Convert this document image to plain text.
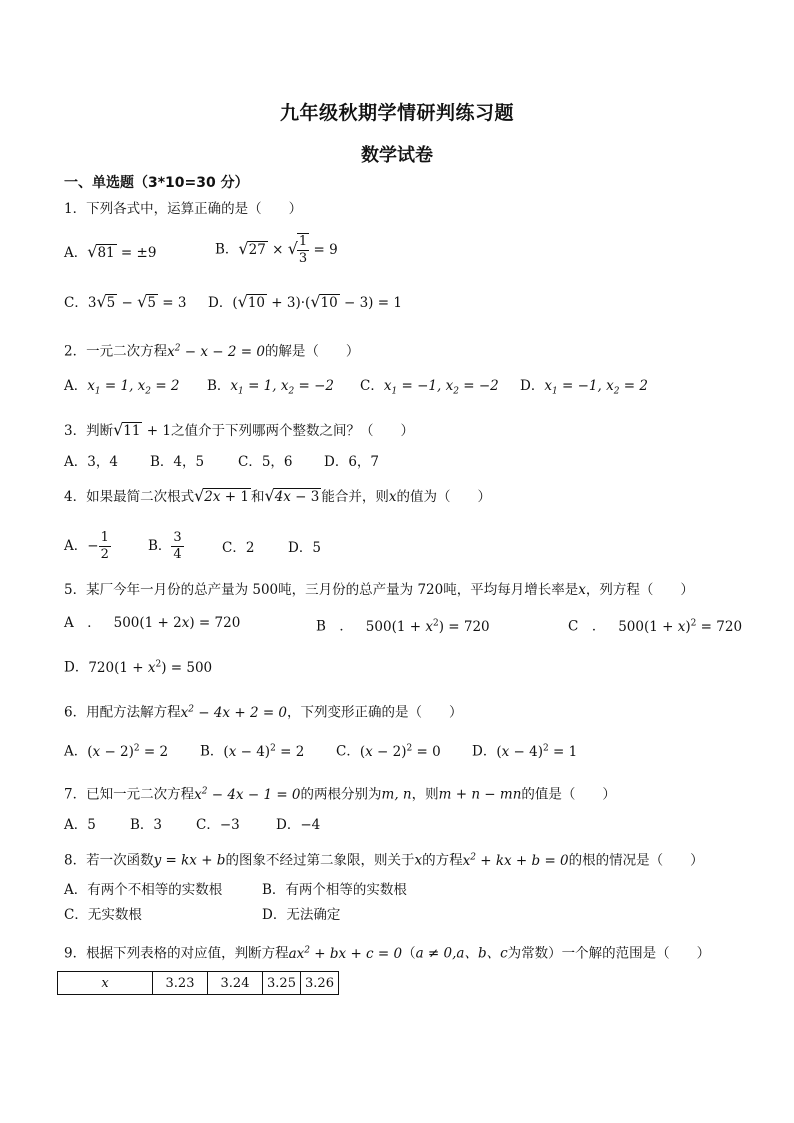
九年级秋期学情研判练习题
数学试卷
一、单选题（3*10=30 分）
1．下列各式中，运算正确的是（　　）
A．√81 = ±9	B．√27 × √ $\frac{1}{3} = 9$
C．3√5 − √5 = 3 D．(√10 + 3)·(√10 − 3) = 1
2．一元二次方程$x^2 - x - 2 = 0$的解是（　　）
A．$x_1 = 1$, $x_2 = 2$ B．$x_1 = 1$, $x_2 = -2$ C．$x_1 = -1$, $x_2 = -2$ D．$x_1 = -1$, $x_2 = 2$
3．判断√11 + 1之值介于下列哪两个整数之间？（　　）
A．3，4 B．4，5	C．5，6 D．6，7
4．如果最简二次根式√2x + 1 和√4x − 3 能合并，则x的值为（　　）
A．− $\frac{1}{2}$	B． $\frac{3}{4}$	C．2 D．5
5．某厂今年一月份的总产量为 500吨，三月份的总产量为 720吨，平均每月增长率是x，列方程（　　）
A　． 500(1 + 2x) = 720	B　． $500(1 + x^2) = 720$	C　． $500(1 + x)^2 = 720$
D．$720(1 + x^2) = 500$
6．用配方法解方程$x^2 - 4x + 2 = 0$，下列变形正确的是（　　）
A．$(x - 2)^2 = 2$ B．$(x - 4)^2 = 2$ C．$(x - 2)^2 = 0$ D．$(x - 4)^2 = 1$
7．已知一元二次方程$x^2 - 4x - 1 = 0$的两根分别为m, n，则m + n − mn的值是（　　）
A．5	B．3	C．−3	D．−4
8．若一次函数y = kx + b的图象不经过第二象限，则关于x的方程$x^2$ + kx + b = 0的根的情况是（　　）
A．有两个不相等的实数根	B．有两个相等的实数根
C．无实数根	D．无法确定
9．根据下列表格的对应值，判断方程$ax^2$ + bx + c = 0（a ≠ 0,a、b、c为常数）一个解的范围是（　　）
x	3.23	3.24	3.25	3.26
